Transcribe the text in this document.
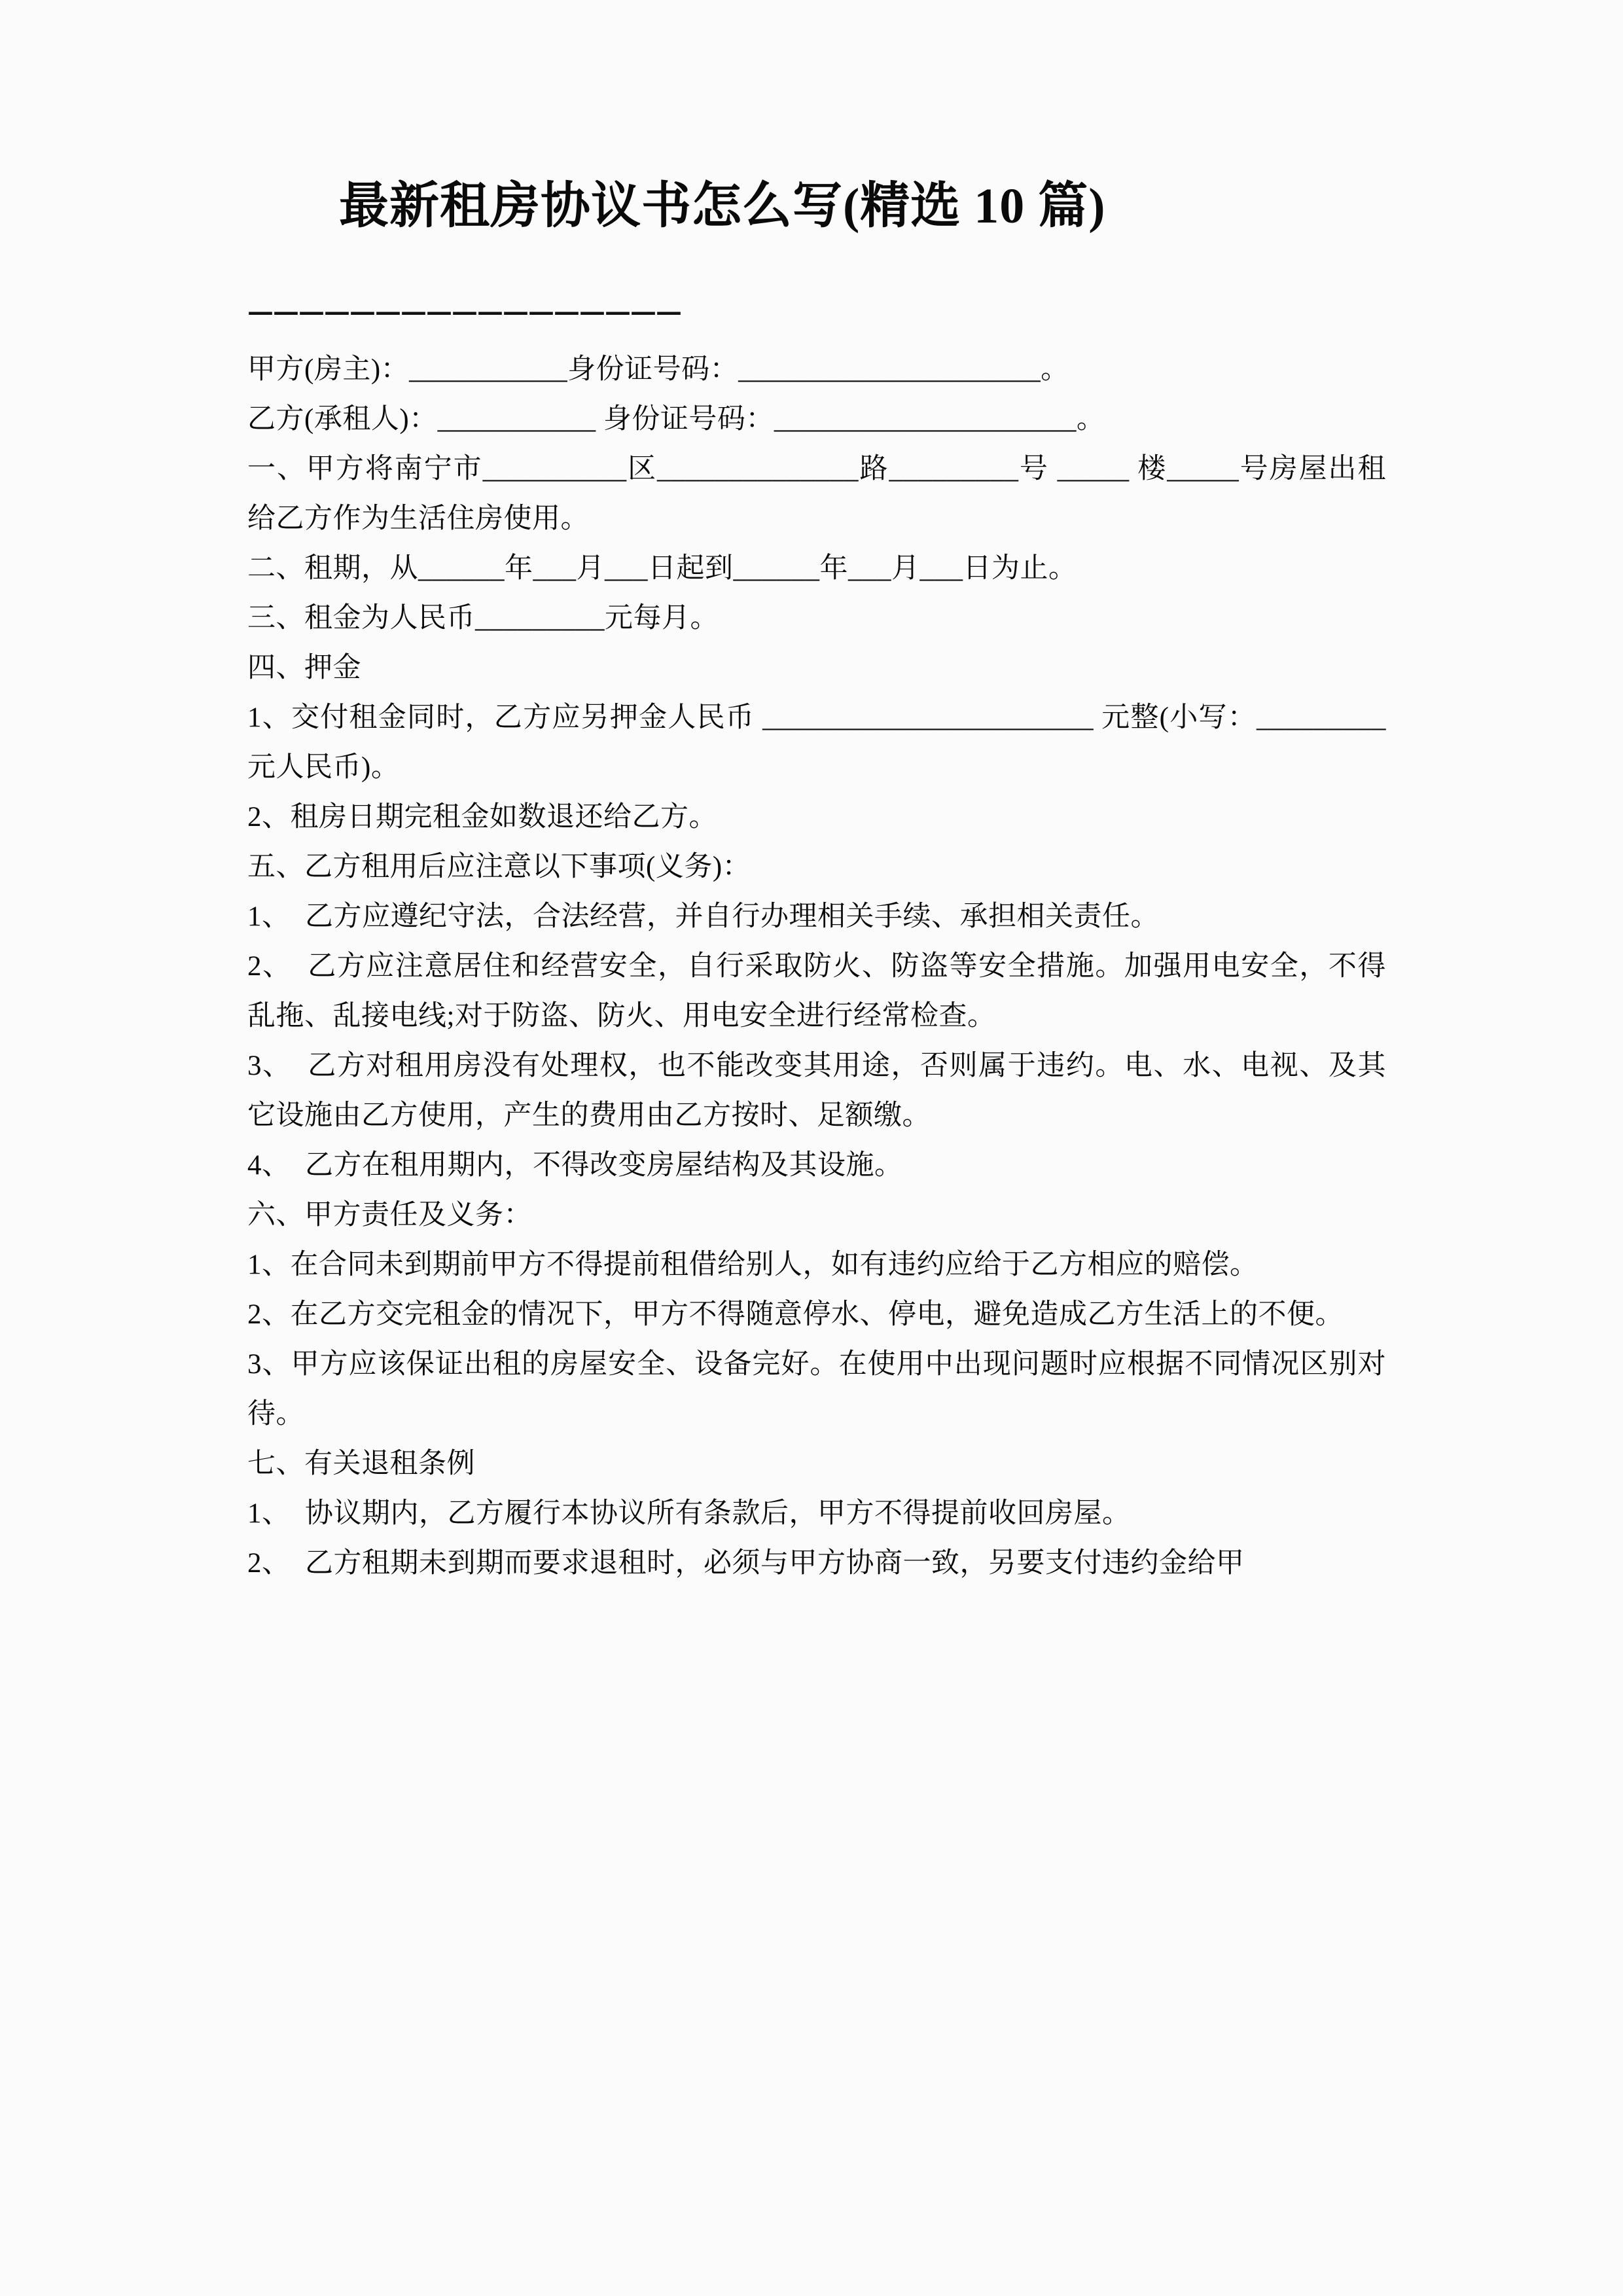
最新租房协议书怎么写(精选 10 篇)
—————————————————

甲方(房主)：___________身份证号码：_____________________。

乙方(承租人)：___________ 身份证号码：_____________________。

一、甲方将南宁市__________区______________路_________号 _____ 楼_____号房屋出租给乙方作为生活住房使用。

二、租期，从______年___月___日起到______年___月___日为止。

三、租金为人民币_________元每月。

四、押金

1、交付租金同时，乙方应另押金人民币 _______________________ 元整(小写：_________ 元人民币)。

2、租房日期完租金如数退还给乙方。

五、乙方租用后应注意以下事项(义务)：

1、  乙方应遵纪守法，合法经营，并自行办理相关手续、承担相关责任。

2、  乙方应注意居住和经营安全，自行采取防火、防盗等安全措施。加强用电安全，不得乱拖、乱接电线;对于防盗、防火、用电安全进行经常检查。

3、  乙方对租用房没有处理权，也不能改变其用途，否则属于违约。电、水、电视、及其它设施由乙方使用，产生的费用由乙方按时、足额缴。

4、  乙方在租用期内，不得改变房屋结构及其设施。

六、甲方责任及义务：

1、在合同未到期前甲方不得提前租借给别人，如有违约应给于乙方相应的赔偿。

2、在乙方交完租金的情况下，甲方不得随意停水、停电，避免造成乙方生活上的不便。

3、甲方应该保证出租的房屋安全、设备完好。在使用中出现问题时应根据不同情况区别对待。

七、有关退租条例

1、  协议期内，乙方履行本协议所有条款后，甲方不得提前收回房屋。

2、  乙方租期未到期而要求退租时，必须与甲方协商一致，另要支付违约金给甲
